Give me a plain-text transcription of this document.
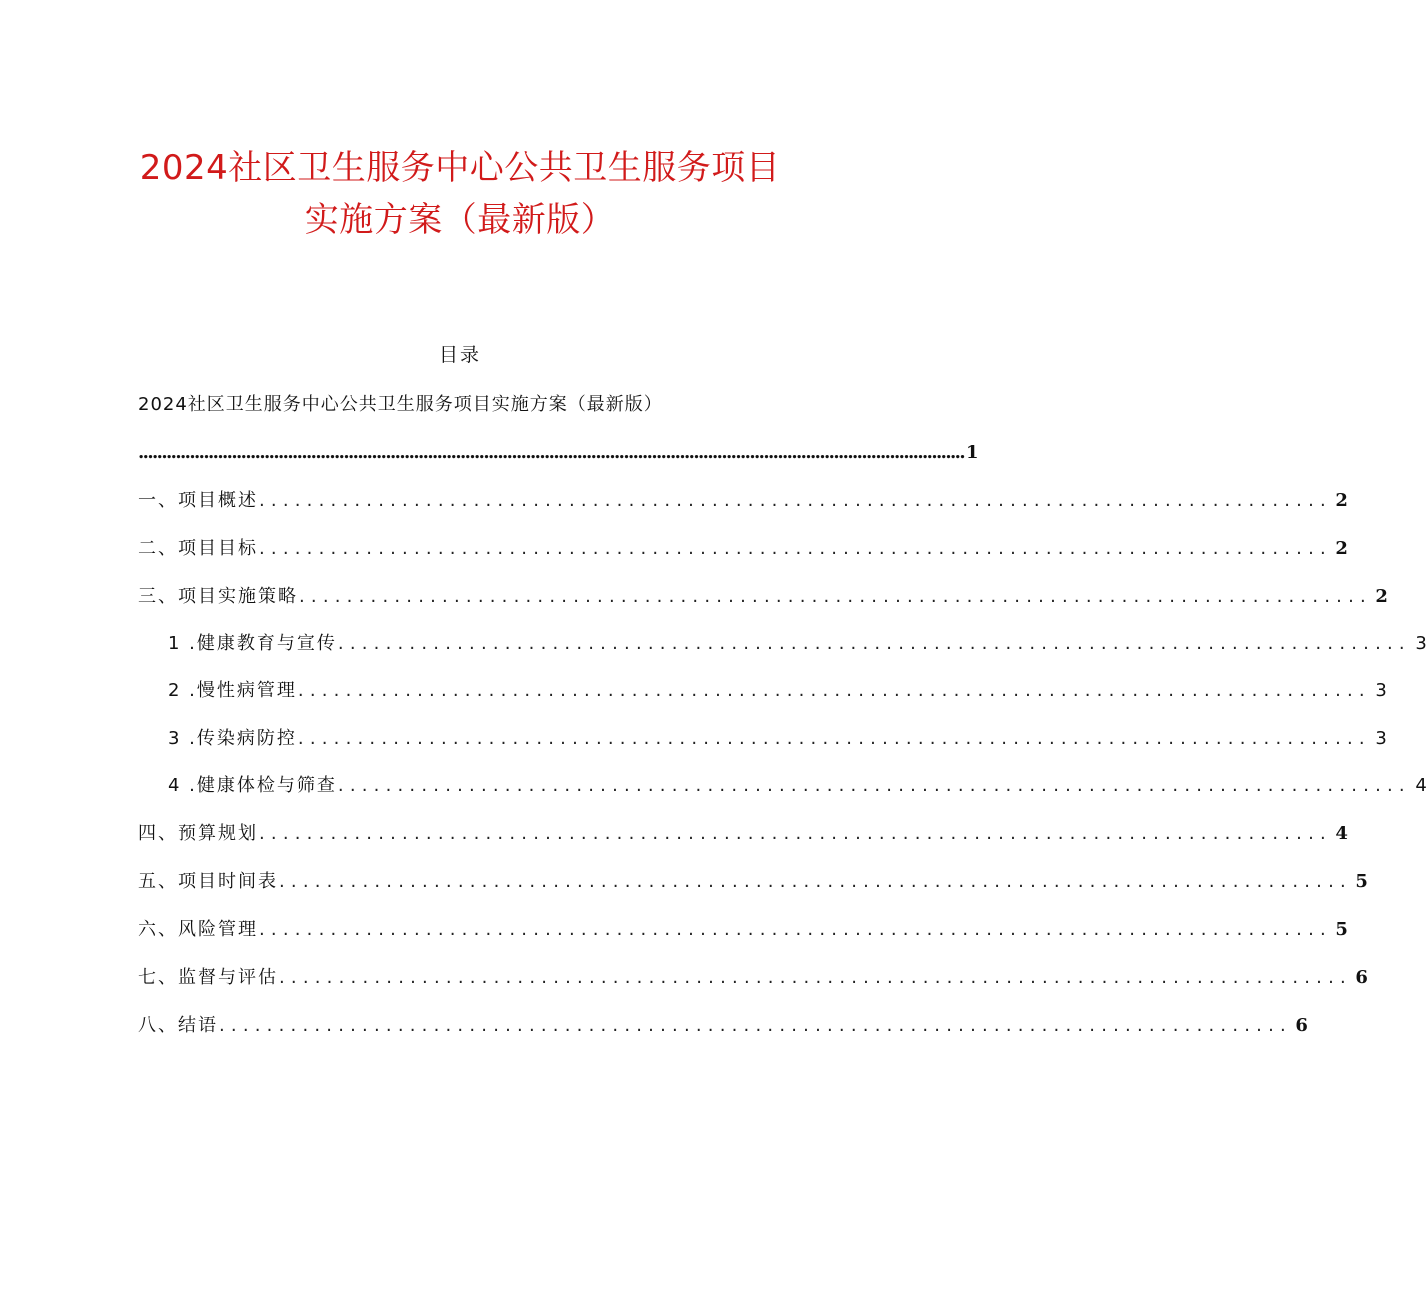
2024社区卫生服务中心公共卫生服务项目
实施方案（最新版）
目录
2024社区卫生服务中心公共卫生服务项目实施方案（最新版）
................................................................................................................................................................................. 1
一、项目概述 .......................................................................................... 2
二、项目目标 .......................................................................................... 2
三、项目实施策略 .......................................................................................... 2
1 .健康教育与宣传 .......................................................................................... 3
2 .慢性病管理 .......................................................................................... 3
3 .传染病防控 .......................................................................................... 3
4 .健康体检与筛查 .......................................................................................... 4
四、预算规划 .......................................................................................... 4
五、项目时间表 .......................................................................................... 5
六、风险管理 .......................................................................................... 5
七、监督与评估 .......................................................................................... 6
八、结语 .......................................................................................... 6
